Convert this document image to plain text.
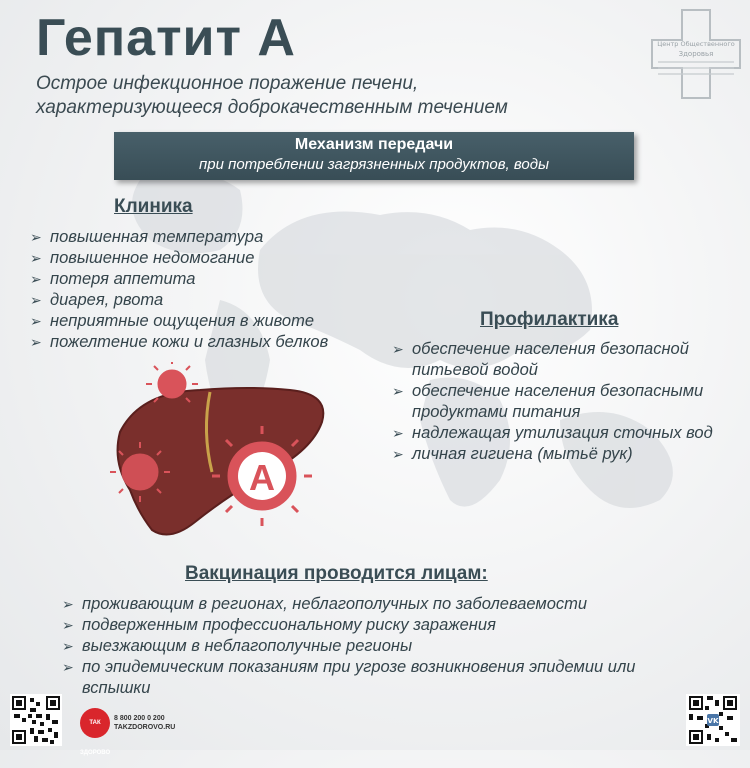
Гепатит А
Острое инфекционное поражение печени,
характеризующееся доброкачественным течением
Центр Общественного
Здоровья
Механизм передачи
при потреблении загрязненных продуктов, воды
Клиника
➢ повышенная температура
➢ повышенное недомогание
➢ потеря аппетита
➢ диарея, рвота
➢ неприятные ощущения в животе
➢ пожелтение кожи и глазных белков
Профилактика
➢ обеспечение населения безопасной питьевой водой
➢ обеспечение населения безопасными продуктами питания
➢ надлежащая утилизация сточных вод
➢ личная гигиена (мытьё рук)
A
Вакцинация проводится лицам:
➢ проживающим в регионах, неблагополучных по заболеваемости
➢ подверженным профессиональному риску заражения
➢ выезжающим в неблагополучные регионы
➢ по эпидемическим показаниям при угрозе возникновения эпидемии или вспышки
ТАК ЗДОРОВО
8 800 200 0 200
TAKZDOROVO.RU
VK
